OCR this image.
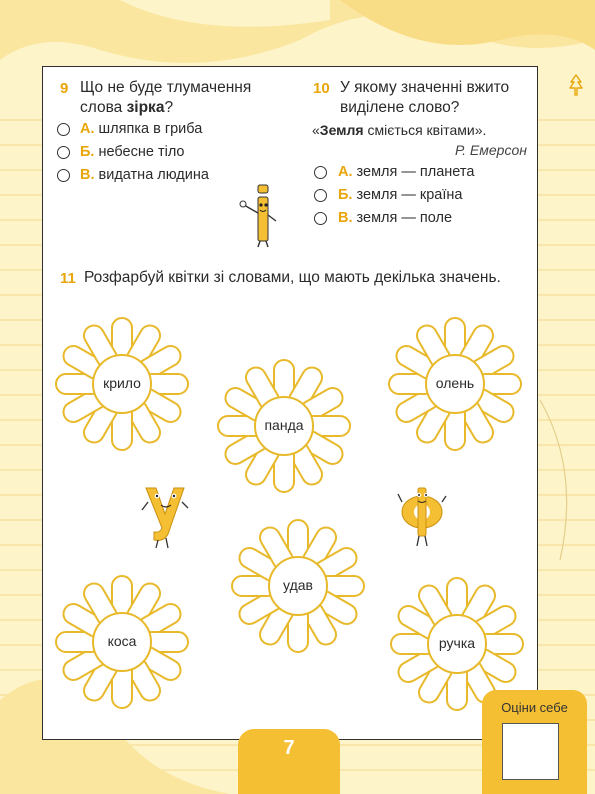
9 Що не буде тлумачення
слова зірка?
А. шляпка в гриба
Б. небесне тіло
В. видатна людина
10 У якому значенні вжито
виділене слово?
«Земля сміється квітами».
Р. Емерсон
А. земля — планета
Б. земля — країна
В. земля — поле
і
11 Розфарбуй квітки зі словами, що мають декілька значень.
крило
панда
олень
удав
коса	ручка
у
ф
7
Оціни себе
